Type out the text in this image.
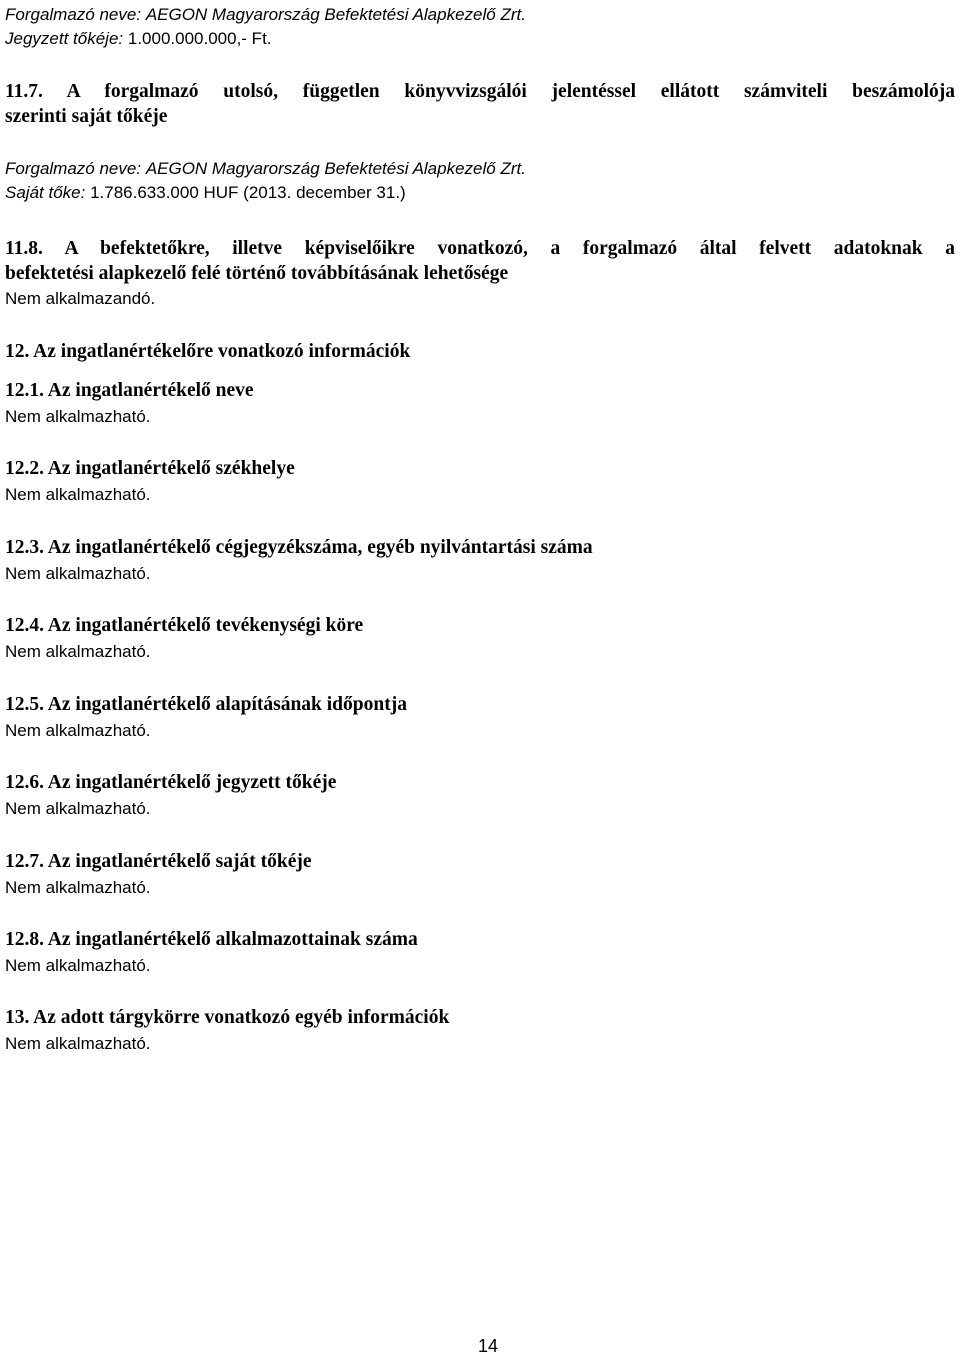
Forgalmazó neve: AEGON Magyarország Befektetési Alapkezelő Zrt.
Jegyzett tőkéje: 1.000.000.000,- Ft.
11.7. A forgalmazó utolsó, független könyvvizsgálói jelentéssel ellátott számviteli beszámolója
szerinti saját tőkéje
Forgalmazó neve: AEGON Magyarország Befektetési Alapkezelő Zrt.
Saját tőke: 1.786.633.000 HUF (2013. december 31.)
11.8. A befektetőkre, illetve képviselőikre vonatkozó, a forgalmazó által felvett adatoknak a
befektetési alapkezelő felé történő továbbításának lehetősége
Nem alkalmazandó.
12. Az ingatlanértékelőre vonatkozó információk
12.1. Az ingatlanértékelő neve
Nem alkalmazható.
12.2. Az ingatlanértékelő székhelye
Nem alkalmazható.
12.3. Az ingatlanértékelő cégjegyzékszáma, egyéb nyilvántartási száma
Nem alkalmazható.
12.4. Az ingatlanértékelő tevékenységi köre
Nem alkalmazható.
12.5. Az ingatlanértékelő alapításának időpontja
Nem alkalmazható.
12.6. Az ingatlanértékelő jegyzett tőkéje
Nem alkalmazható.
12.7. Az ingatlanértékelő saját tőkéje
Nem alkalmazható.
12.8. Az ingatlanértékelő alkalmazottainak száma
Nem alkalmazható.
13. Az adott tárgykörre vonatkozó egyéb információk
Nem alkalmazható.
14
